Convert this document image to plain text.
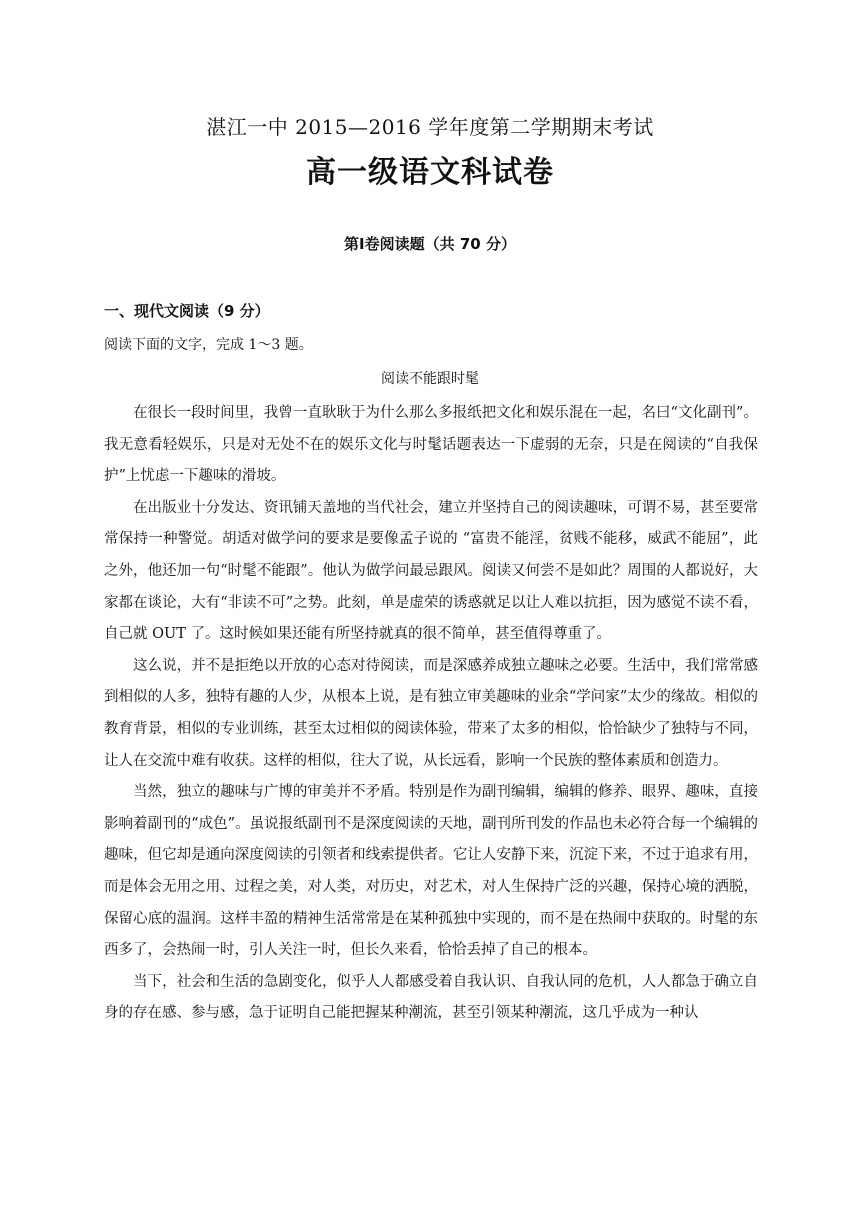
湛江一中 2015—2016 学年度第二学期期末考试
高一级语文科试卷
第Ⅰ卷阅读题（共 70 分）
一、现代文阅读（9 分）
阅读下面的文字，完成 1～3 题。
阅读不能跟时髦

在很长一段时间里，我曾一直耿耿于为什么那么多报纸把文化和娱乐混在一起，名曰“文化副刊”。我无意看轻娱乐，只是对无处不在的娱乐文化与时髦话题表达一下虚弱的无奈，只是在阅读的“自我保护”上忧虑一下趣味的滑坡。

在出版业十分发达、资讯铺天盖地的当代社会，建立并坚持自己的阅读趣味，可谓不易，甚至要常常保持一种警觉。胡适对做学问的要求是要像孟子说的 “富贵不能淫，贫贱不能移，威武不能屈”，此之外，他还加一句“时髦不能跟”。他认为做学问最忌跟风。阅读又何尝不是如此？周围的人都说好，大家都在谈论，大有“非读不可”之势。此刻，单是虚荣的诱惑就足以让人难以抗拒，因为感觉不读不看，自己就 OUT 了。这时候如果还能有所坚持就真的很不简单，甚至值得尊重了。

这么说，并不是拒绝以开放的心态对待阅读，而是深感养成独立趣味之必要。生活中，我们常常感到相似的人多，独特有趣的人少，从根本上说，是有独立审美趣味的业余“学问家”太少的缘故。相似的教育背景，相似的专业训练，甚至太过相似的阅读体验，带来了太多的相似，恰恰缺少了独特与不同，让人在交流中难有收获。这样的相似，往大了说，从长远看，影响一个民族的整体素质和创造力。

当然，独立的趣味与广博的审美并不矛盾。特别是作为副刊编辑，编辑的修养、眼界、趣味，直接影响着副刊的“成色”。虽说报纸副刊不是深度阅读的天地，副刊所刊发的作品也未必符合每一个编辑的趣味，但它却是通向深度阅读的引领者和线索提供者。它让人安静下来，沉淀下来，不过于追求有用，而是体会无用之用、过程之美，对人类，对历史，对艺术，对人生保持广泛的兴趣，保持心境的洒脱，保留心底的温润。这样丰盈的精神生活常常是在某种孤独中实现的，而不是在热闹中获取的。时髦的东西多了，会热闹一时，引人关注一时，但长久来看，恰恰丢掉了自己的根本。

当下，社会和生活的急剧变化，似乎人人都感受着自我认识、自我认同的危机，人人都急于确立自身的存在感、参与感，急于证明自己能把握某种潮流，甚至引领某种潮流，这几乎成为一种认
